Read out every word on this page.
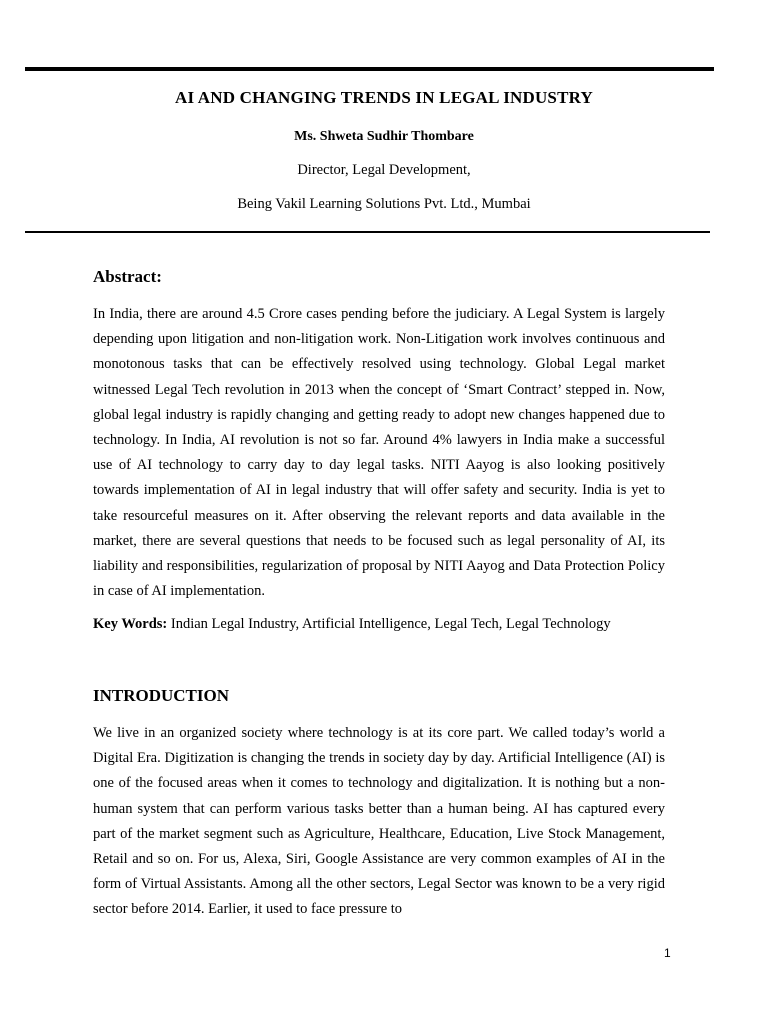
AI AND CHANGING TRENDS IN LEGAL INDUSTRY
Ms. Shweta Sudhir Thombare
Director, Legal Development,
Being Vakil Learning Solutions Pvt. Ltd., Mumbai
Abstract:

In India, there are around 4.5 Crore cases pending before the judiciary. A Legal System is largely depending upon litigation and non-litigation work. Non-Litigation work involves continuous and monotonous tasks that can be effectively resolved using technology. Global Legal market witnessed Legal Tech revolution in 2013 when the concept of ‘Smart Contract’ stepped in. Now, global legal industry is rapidly changing and getting ready to adopt new changes happened due to technology. In India, AI revolution is not so far. Around 4% lawyers in India make a successful use of AI technology to carry day to day legal tasks. NITI Aayog is also looking positively towards implementation of AI in legal industry that will offer safety and security. India is yet to take resourceful measures on it. After observing the relevant reports and data available in the market, there are several questions that needs to be focused such as legal personality of AI, its liability and responsibilities, regularization of proposal by NITI Aayog and Data Protection Policy in case of AI implementation.

Key Words: Indian Legal Industry, Artificial Intelligence, Legal Tech, Legal Technology
INTRODUCTION

We live in an organized society where technology is at its core part. We called today’s world a Digital Era. Digitization is changing the trends in society day by day. Artificial Intelligence (AI) is one of the focused areas when it comes to technology and digitalization. It is nothing but a non-human system that can perform various tasks better than a human being. AI has captured every part of the market segment such as Agriculture, Healthcare, Education, Live Stock Management, Retail and so on. For us, Alexa, Siri, Google Assistance are very common examples of AI in the form of Virtual Assistants. Among all the other sectors, Legal Sector was known to be a very rigid sector before 2014. Earlier, it used to face pressure to

1
